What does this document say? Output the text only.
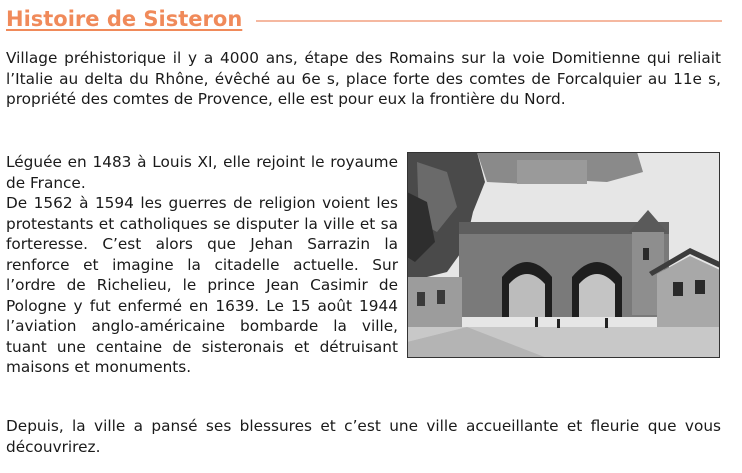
Histoire de Sisteron

Village préhistorique il y a 4000 ans, étape des Romains sur la voie Domitienne qui reliait l’Italie au delta du Rhône, évêché au 6e s, place forte des comtes de Forcalquier au 11e s, propriété des comtes de Provence, elle est pour eux la frontière du Nord.

Léguée en 1483 à Louis XI, elle rejoint le royaume de France.
De 1562 à 1594 les guerres de religion voient les protestants et catholiques se disputer la ville et sa forteresse. C’est alors que Jehan Sarrazin la renforce et imagine la citadelle actuelle. Sur l’ordre de Richelieu, le prince Jean Casimir de Pologne y fut enfermé en 1639. Le 15 août 1944 l’aviation anglo-américaine bombarde la ville, tuant une centaine de sisteronais et détruisant maisons et monuments.

Depuis, la ville a pansé ses blessures et c’est une ville accueillante et fleurie que vous découvrirez.
